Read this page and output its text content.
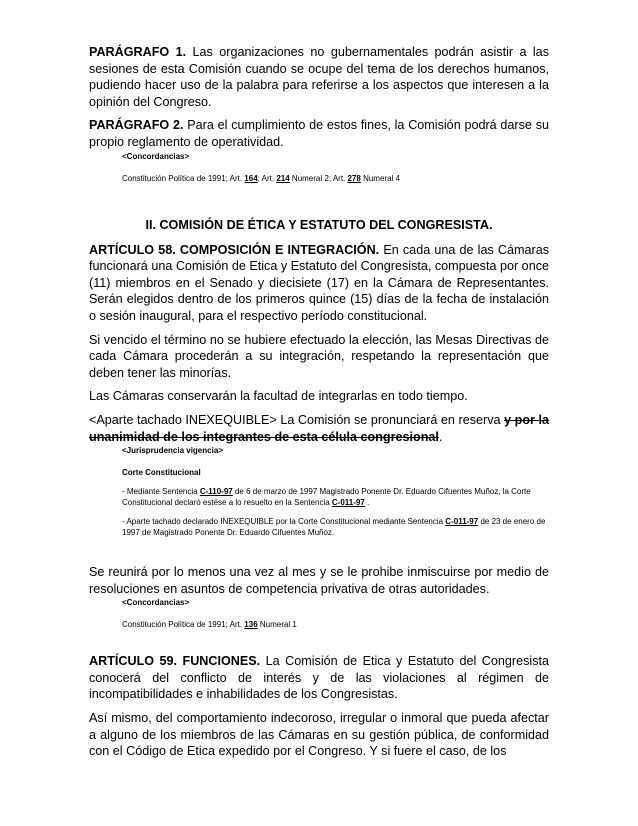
PARÁGRAFO 1. Las organizaciones no gubernamentales podrán asistir a las sesiones de esta Comisión cuando se ocupe del tema de los derechos humanos, pudiendo hacer uso de la palabra para referirse a los aspectos que interesen a la opinión del Congreso.

PARÁGRAFO 2. Para el cumplimiento de estos fines, la Comisión podrá darse su propio reglamento de operatividad.

<Concordancias>
Constitución Política de 1991; Art. 164; Art. 214 Numeral 2; Art. 278 Numeral 4

II. COMISIÓN DE ÉTICA Y ESTATUTO DEL CONGRESISTA.

ARTÍCULO 58. COMPOSICIÓN E INTEGRACIÓN. En cada una de las Cámaras funcionará una Comisión de Etica y Estatuto del Congresista, compuesta por once (11) miembros en el Senado y diecisiete (17) en la Cámara de Representantes. Serán elegidos dentro de los primeros quince (15) días de la fecha de instalación o sesión inaugural, para el respectivo período constitucional.

Si vencido el término no se hubiere efectuado la elección, las Mesas Directivas de cada Cámara procederán a su integración, respetando la representación que deben tener las minorías.

Las Cámaras conservarán la facultad de integrarlas en todo tiempo.

<Aparte tachado INEXEQUIBLE> La Comisión se pronunciará en reserva y por la unanimidad de los integrantes de esta célula congresional.

<Jurisprudencia vigencia>
Corte Constitucional
- Mediante Sentencia C-110-97 de 6 de marzo de 1997 Magistrado Ponente Dr. Eduardo Cifuentes Muñoz, la Corte Constitucional declaró estése a lo resuelto en la Sentencia C-011-97 .
- Aparte tachado declarado INEXEQUIBLE por la Corte Constitucional mediante Sentencia C-011-97 de 23 de enero de 1997 de Magistrado Ponente Dr. Eduardo Cifuentes Muñoz.

Se reunirá por lo menos una vez al mes y se le prohibe inmiscuirse por medio de resoluciones en asuntos de competencia privativa de otras autoridades.

<Concordancias>
Constitución Política de 1991; Art. 136 Numeral 1

ARTÍCULO 59. FUNCIONES. La Comisión de Etica y Estatuto del Congresista conocerá del conflicto de interés y de las violaciones al régimen de incompatibilidades e inhabilidades de los Congresistas.

Así mismo, del comportamiento indecoroso, irregular o inmoral que pueda afectar a alguno de los miembros de las Cámaras en su gestión pública, de conformidad con el Código de Etica expedido por el Congreso. Y si fuere el caso, de los
